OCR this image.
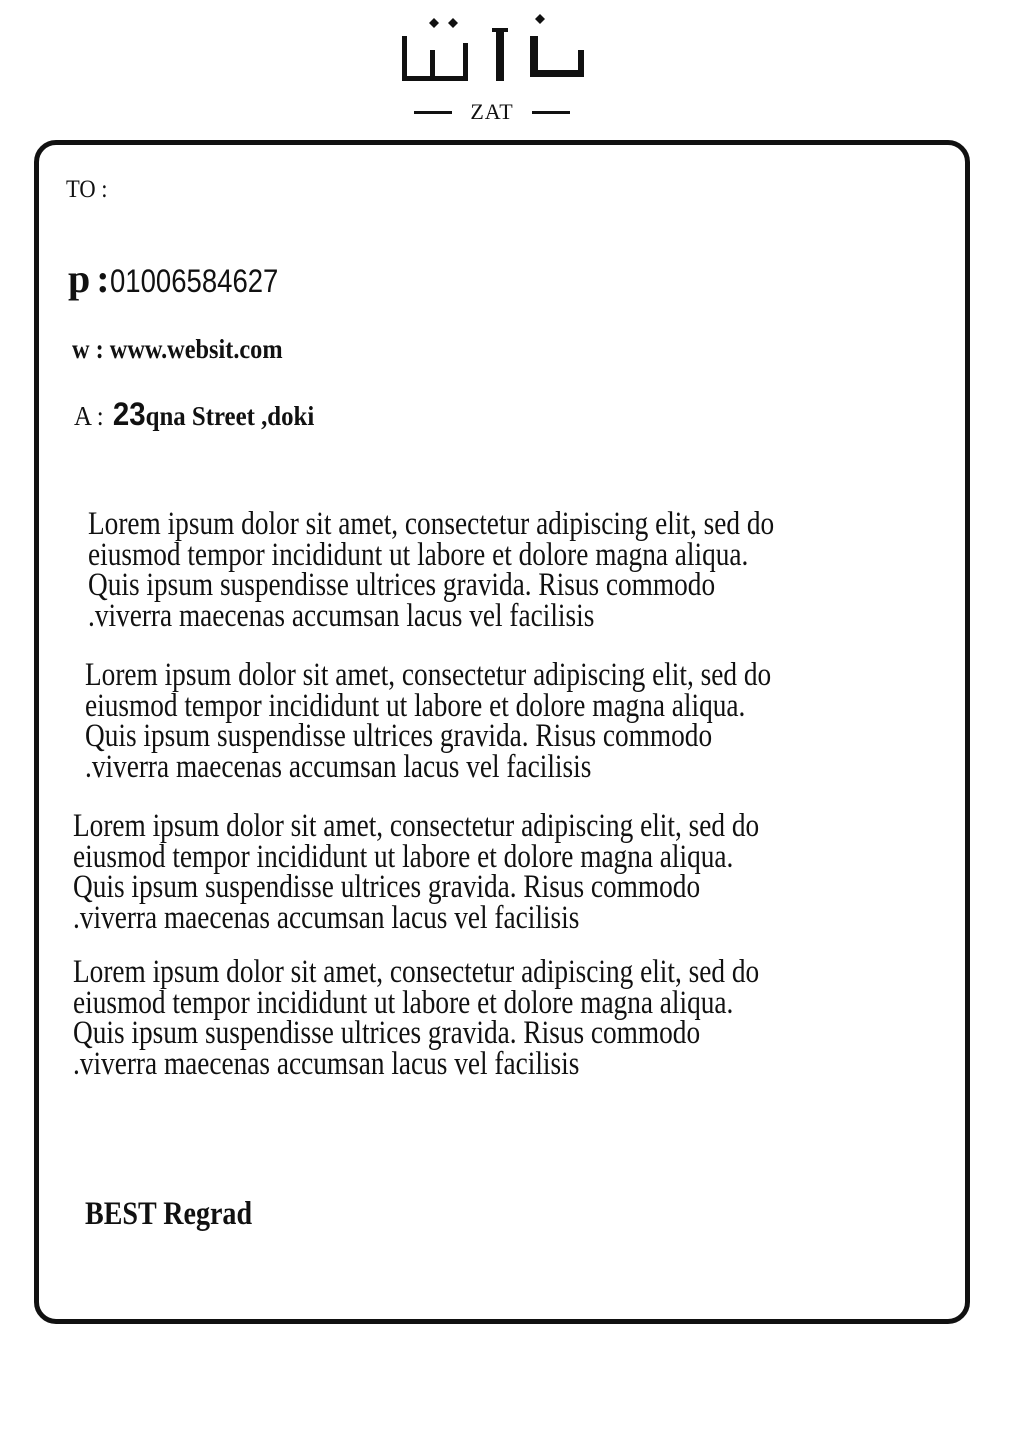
ZAT
TO :
p : 01006584627
w : www.websit.com
A : 23 qna Street ,doki
Lorem ipsum dolor sit amet, consectetur adipiscing elit, sed do
eiusmod tempor incididunt ut labore et dolore magna aliqua.
Quis ipsum suspendisse ultrices gravida. Risus commodo
.viverra maecenas accumsan lacus vel facilisis
Lorem ipsum dolor sit amet, consectetur adipiscing elit, sed do
eiusmod tempor incididunt ut labore et dolore magna aliqua.
Quis ipsum suspendisse ultrices gravida. Risus commodo
.viverra maecenas accumsan lacus vel facilisis
Lorem ipsum dolor sit amet, consectetur adipiscing elit, sed do
eiusmod tempor incididunt ut labore et dolore magna aliqua.
Quis ipsum suspendisse ultrices gravida. Risus commodo
.viverra maecenas accumsan lacus vel facilisis
Lorem ipsum dolor sit amet, consectetur adipiscing elit, sed do
eiusmod tempor incididunt ut labore et dolore magna aliqua.
Quis ipsum suspendisse ultrices gravida. Risus commodo
.viverra maecenas accumsan lacus vel facilisis
BEST Regrad
